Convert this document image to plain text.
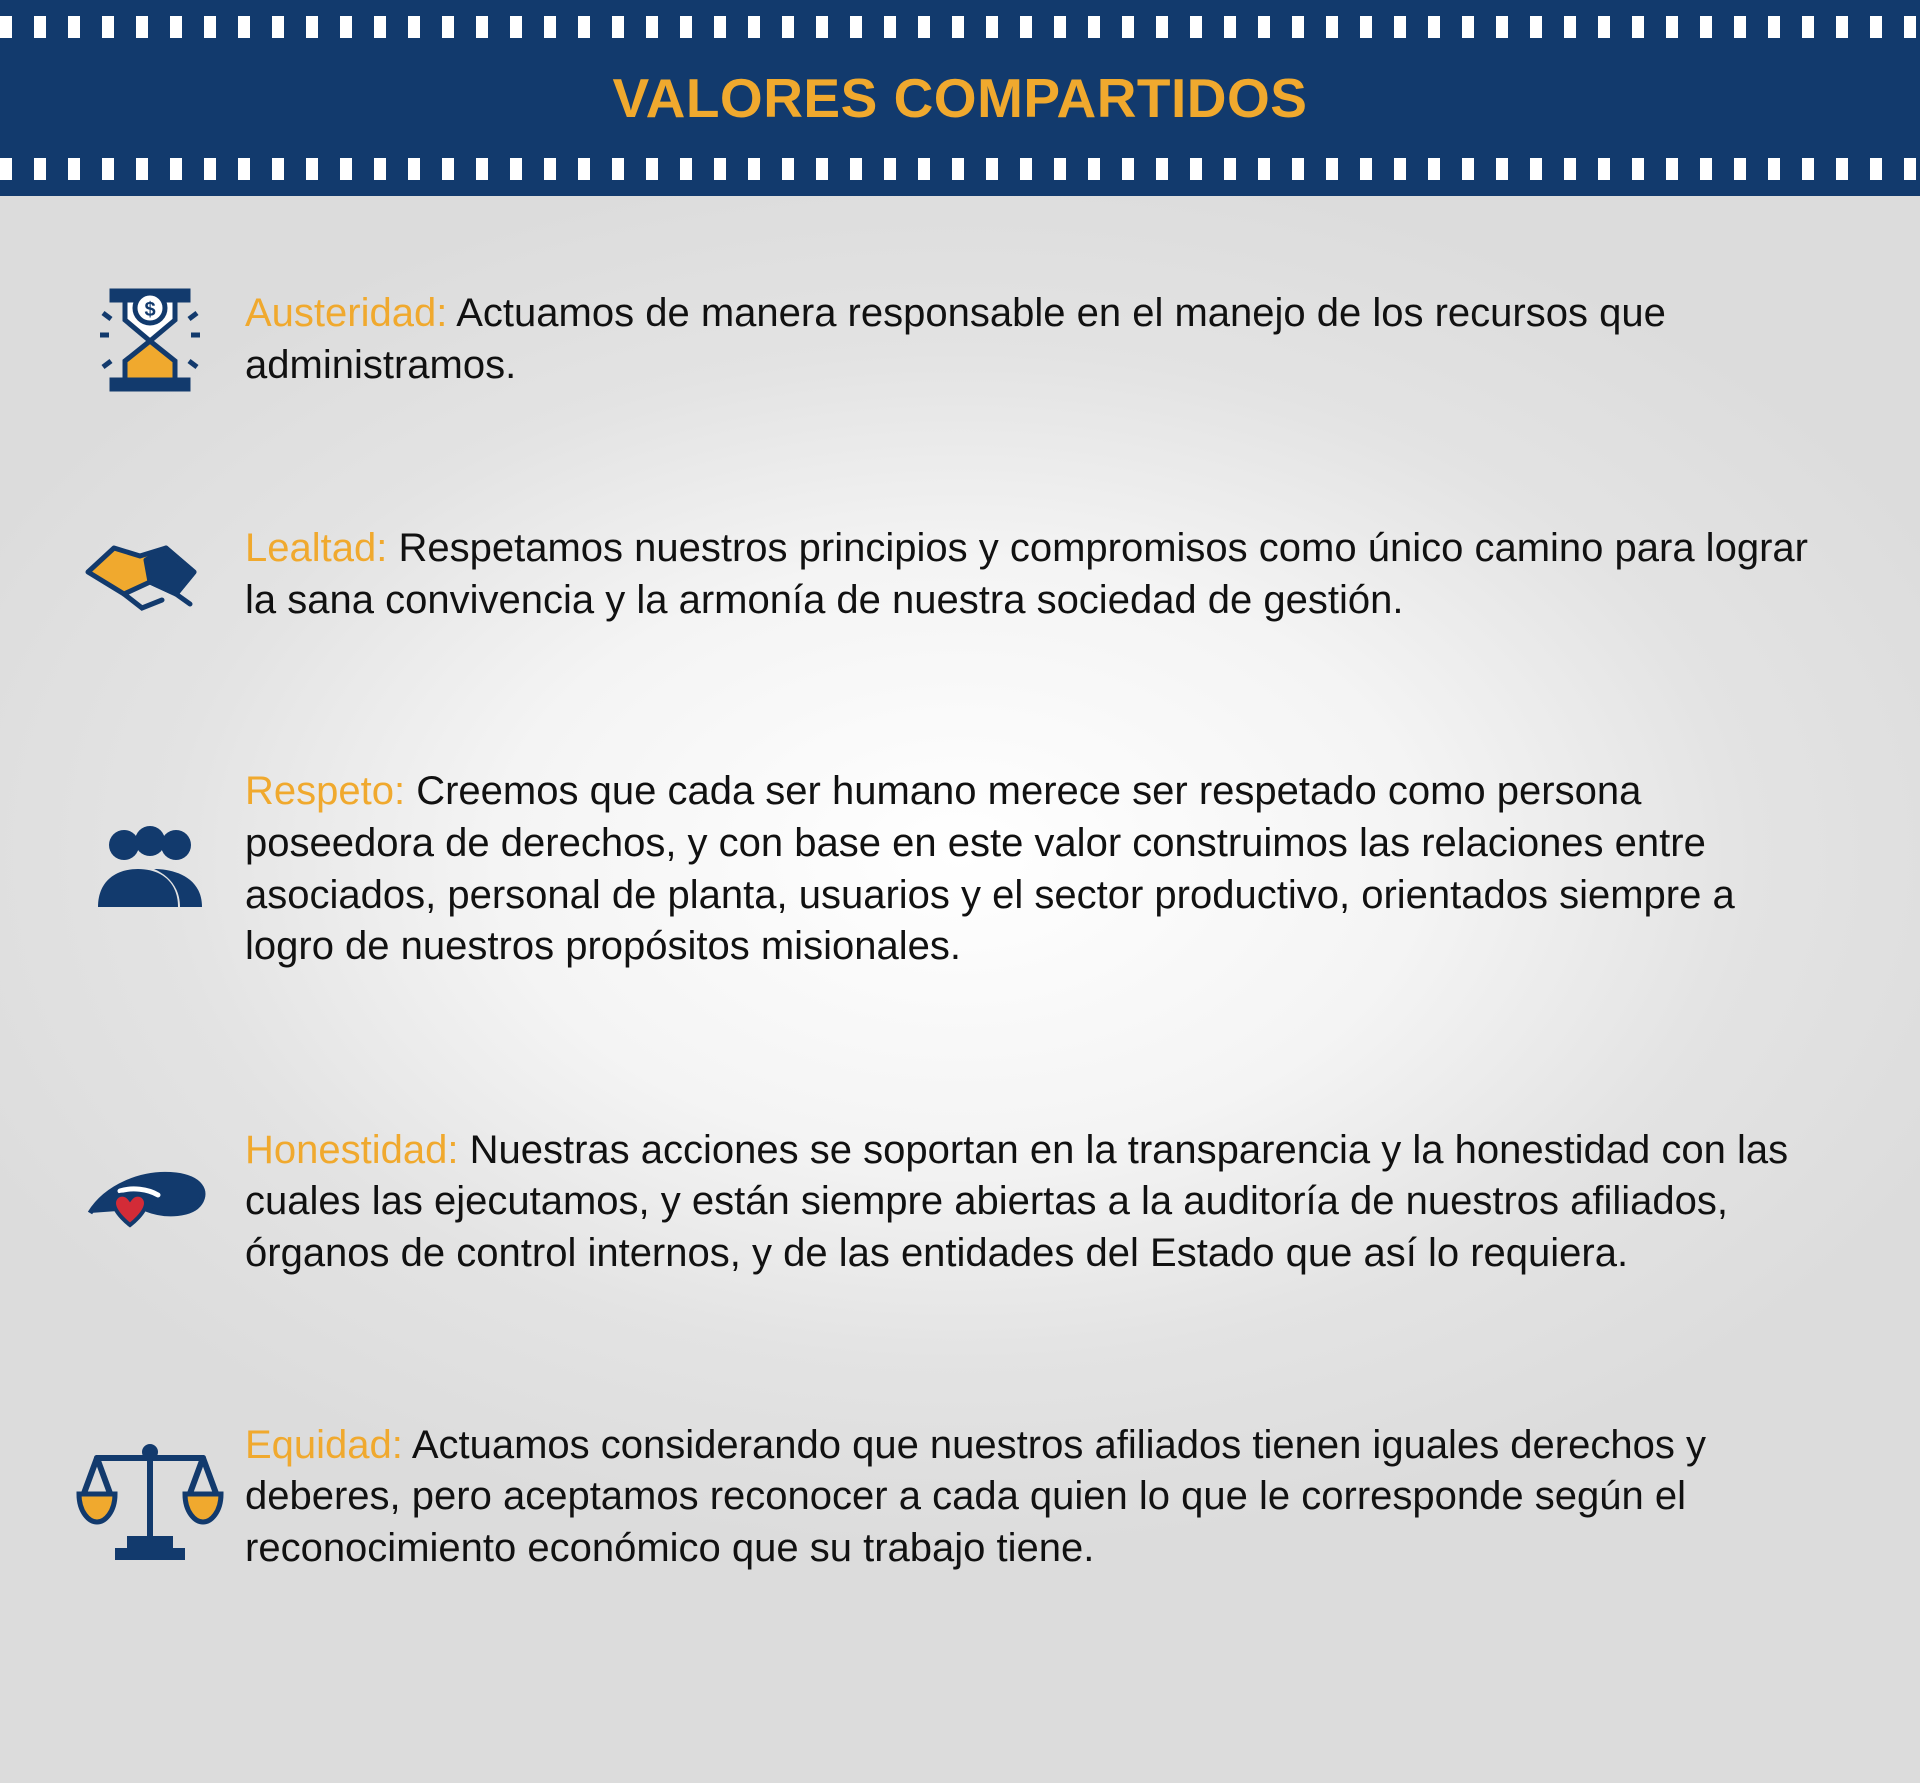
VALORES COMPARTIDOS
$ Austeridad: Actuamos de manera responsable en el manejo de los recursos que administramos.

Lealtad: Respetamos nuestros principios y compromisos como único camino para lograr la sana convivencia y la armonía de nuestra sociedad de gestión.

Respeto: Creemos que cada ser humano merece ser respetado como persona poseedora de derechos, y con base en este valor construimos las relaciones entre asociados, personal de planta, usuarios y el sector productivo, orientados siempre a logro de nuestros propósitos misionales.

Honestidad: Nuestras acciones se soportan en la transparencia y la honestidad con las cuales las ejecutamos, y están siempre abiertas a la auditoría de nuestros afiliados, órganos de control internos, y de las entidades del Estado que así lo requiera.

Equidad: Actuamos considerando que nuestros afiliados tienen iguales derechos y deberes, pero aceptamos reconocer a cada quien lo que le corresponde según el reconocimiento económico que su trabajo tiene.
